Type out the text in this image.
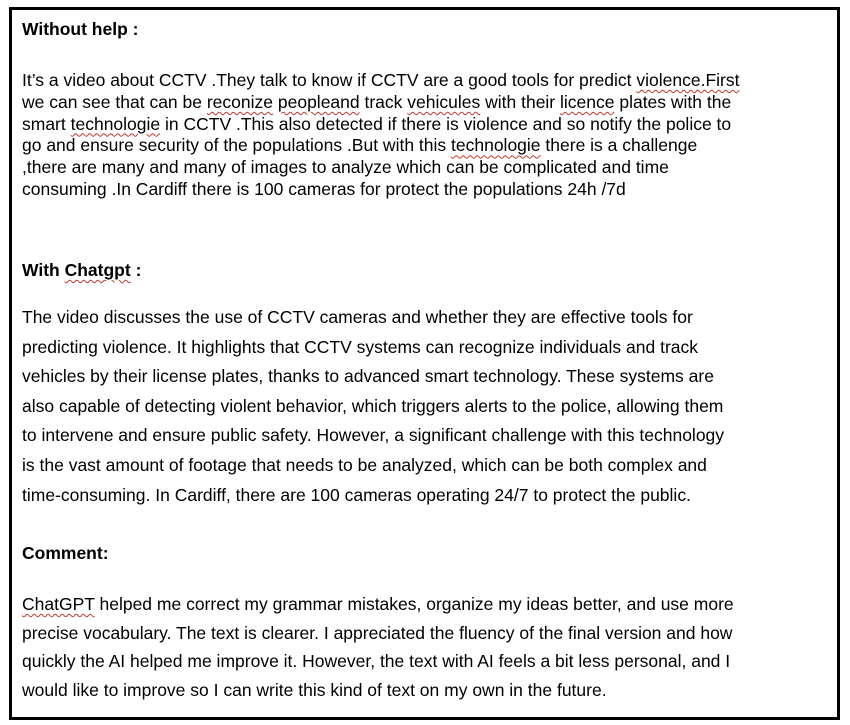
Without help :
It’s a video about CCTV .They talk to know if CCTV are a good tools for predict violence.First
we can see that can be reconize peopleand track vehicules with their licence plates with the
smart technologie in CCTV .This also detected if there is violence and so notify the police to
go and ensure security of the populations .But with this technologie there is a challenge
,there are many and many of images to analyze which can be complicated and time
consuming .In Cardiff there is 100 cameras for protect the populations 24h /7d
With Chatgpt :
The video discusses the use of CCTV cameras and whether they are effective tools for
predicting violence. It highlights that CCTV systems can recognize individuals and track
vehicles by their license plates, thanks to advanced smart technology. These systems are
also capable of detecting violent behavior, which triggers alerts to the police, allowing them
to intervene and ensure public safety. However, a significant challenge with this technology
is the vast amount of footage that needs to be analyzed, which can be both complex and
time-consuming. In Cardiff, there are 100 cameras operating 24/7 to protect the public.
Comment:
ChatGPT helped me correct my grammar mistakes, organize my ideas better, and use more
precise vocabulary. The text is clearer. I appreciated the fluency of the final version and how
quickly the AI helped me improve it. However, the text with AI feels a bit less personal, and I
would like to improve so I can write this kind of text on my own in the future.
